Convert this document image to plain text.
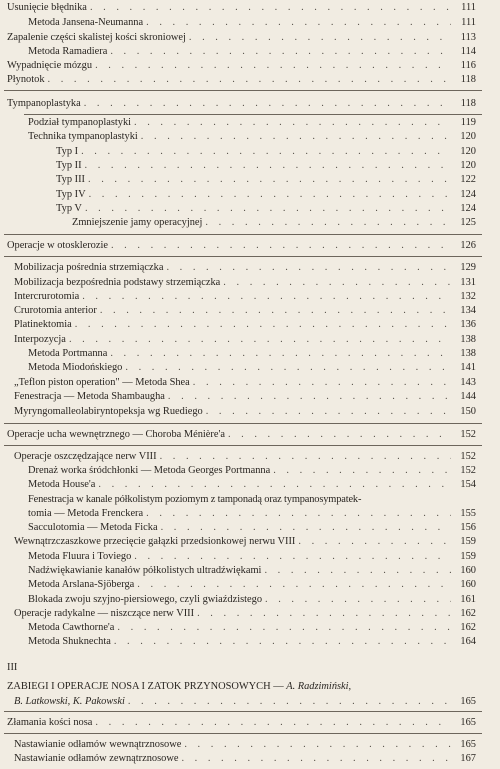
Usunięcie błędnika . . .	111
Metoda Jansena-Neumanna . . .	111
Zapalenie części skalistej kości skroniowej . . .	113
Metoda Ramadiera . . .	114
Wypadnięcie mózgu . . .	116
Płynotok . . .	118
Tympanoplastyka . . .	118
Podział tympanoplastyki . . .	119
Technika tympanoplastyki . . .	120
Typ I . . .	120
Typ II . . .	120
Typ III . . .	122
Typ IV . . .	124
Typ V . . .	124
Zmniejszenie jamy operacyjnej . . .	125
Operacje w otosklerozie . . .	126
Mobilizacja pośrednia strzemiączka . . .	129
Mobilizacja bezpośrednia podstawy strzemiączka . . .	131
Intercrurotomia . . .	132
Crurotomia anterior . . .	134
Platinektomia . . .	136
Interpozycja . . .	138
Metoda Portmanna . . .	138
Metoda Miodońskiego . . .	141
„Teflon piston operation" — Metoda Shea . . .	143
Fenestracja — Metoda Shambaugha . . .	144
Myryngomalleolabiryntopeksja wg Ruediego . . .	150
Operacje ucha wewnętrznego — Choroba Ménière'a . . .	152
Operacje oszczędzające nerw VIII . . .	152
Drenaż worka śródchłonki — Metoda Georges Portmanna . . .	152
Metoda House'a . . .	154
Fenestracja w kanale półkolistym poziomym z tamponadą oraz tympanosympatek-
tomia — Metoda Frenckera . . .	155
Sacculotomia — Metoda Ficka . . .	156
Wewnątrzczaszkowe przecięcie gałązki przedsionkowej nerwu VIII . . .	159
Metoda Fluura i Toviego . . .	159
Nadźwiękawianie kanałów półkolistych ultradźwiękami . . .	160
Metoda Arslana-Sjöberga . . .	160
Blokada zwoju szyjno-piersiowego, czyli gwiaździstego . . .	161
Operacje radykalne — niszczące nerw VIII . . .	162
Metoda Cawthorne'a . . .	162
Metoda Shuknechta . . .	164
III
ZABIEGI I OPERACJE NOSA I ZATOK PRZYNOSOWYCH — A. Radzimiński,
B. Latkowski, K. Pakowski . . .	165
Złamania kości nosa . . .	165
Nastawianie odłamów wewnątrznosowe . . .	165
Nastawianie odłamów zewnątrznosowe . . .	167
